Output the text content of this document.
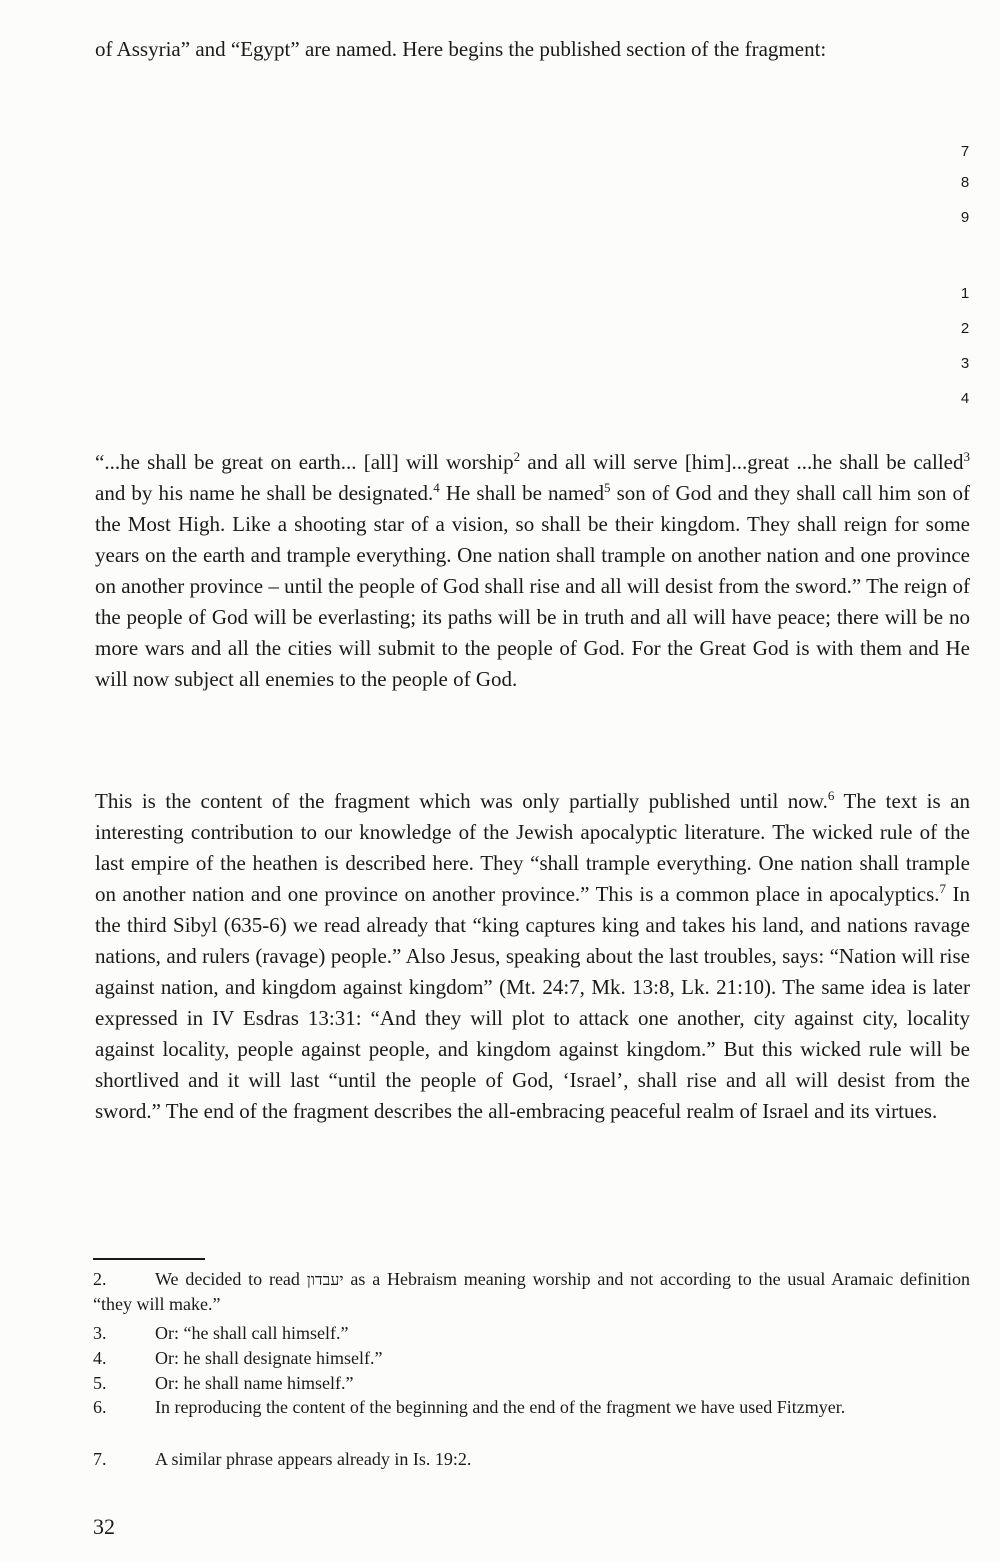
of Assyria” and “Egypt” are named. Here begins the published section of the fragment:

7
8
9
1
2
3
4

“...he shall be great on earth... [all] will worship$^2$ and all will serve [him]...great ...he shall be called$^3$ and by his name he shall be designated.$^4$ He shall be named$^5$ son of God and they shall call him son of the Most High. Like a shooting star of a vision, so shall be their kingdom. They shall reign for some years on the earth and trample everything. One nation shall trample on another nation and one province on another province – until the people of God shall rise and all will desist from the sword.” The reign of the people of God will be everlasting; its paths will be in truth and all will have peace; there will be no more wars and all the cities will submit to the people of God. For the Great God is with them and He will now subject all enemies to the people of God.

This is the content of the fragment which was only partially published until now.$^6$ The text is an interesting contribution to our knowledge of the Jewish apocalyptic literature. The wicked rule of the last empire of the heathen is described here. They “shall trample everything. One nation shall trample on another nation and one province on another province.” This is a common place in apocalyptics.$^7$ In the third Sibyl (635-6) we read already that “king captures king and takes his land, and nations ravage nations, and rulers (ravage) people.” Also Jesus, speaking about the last troubles, says: “Nation will rise against nation, and kingdom against kingdom” (Mt. 24:7, Mk. 13:8, Lk. 21:10). The same idea is later expressed in IV Esdras 13:31: “And they will plot to attack one another, city against city, locality against locality, people against people, and kingdom against kingdom.” But this wicked rule will be shortlived and it will last “until the people of God, ‘Israel’, shall rise and all will desist from the sword.” The end of the fragment describes the all-embracing peaceful realm of Israel and its virtues.

2.	We decided to read יעבדון as a Hebraism meaning worship and not according to the usual Aramaic definition “they will make.”

3.	Or: “he shall call himself.”

4.	Or: he shall designate himself.”

5.	Or: he shall name himself.”

6.	In reproducing the content of the beginning and the end of the fragment we have used Fitzmyer.

7.	A similar phrase appears already in Is. 19:2.

32
